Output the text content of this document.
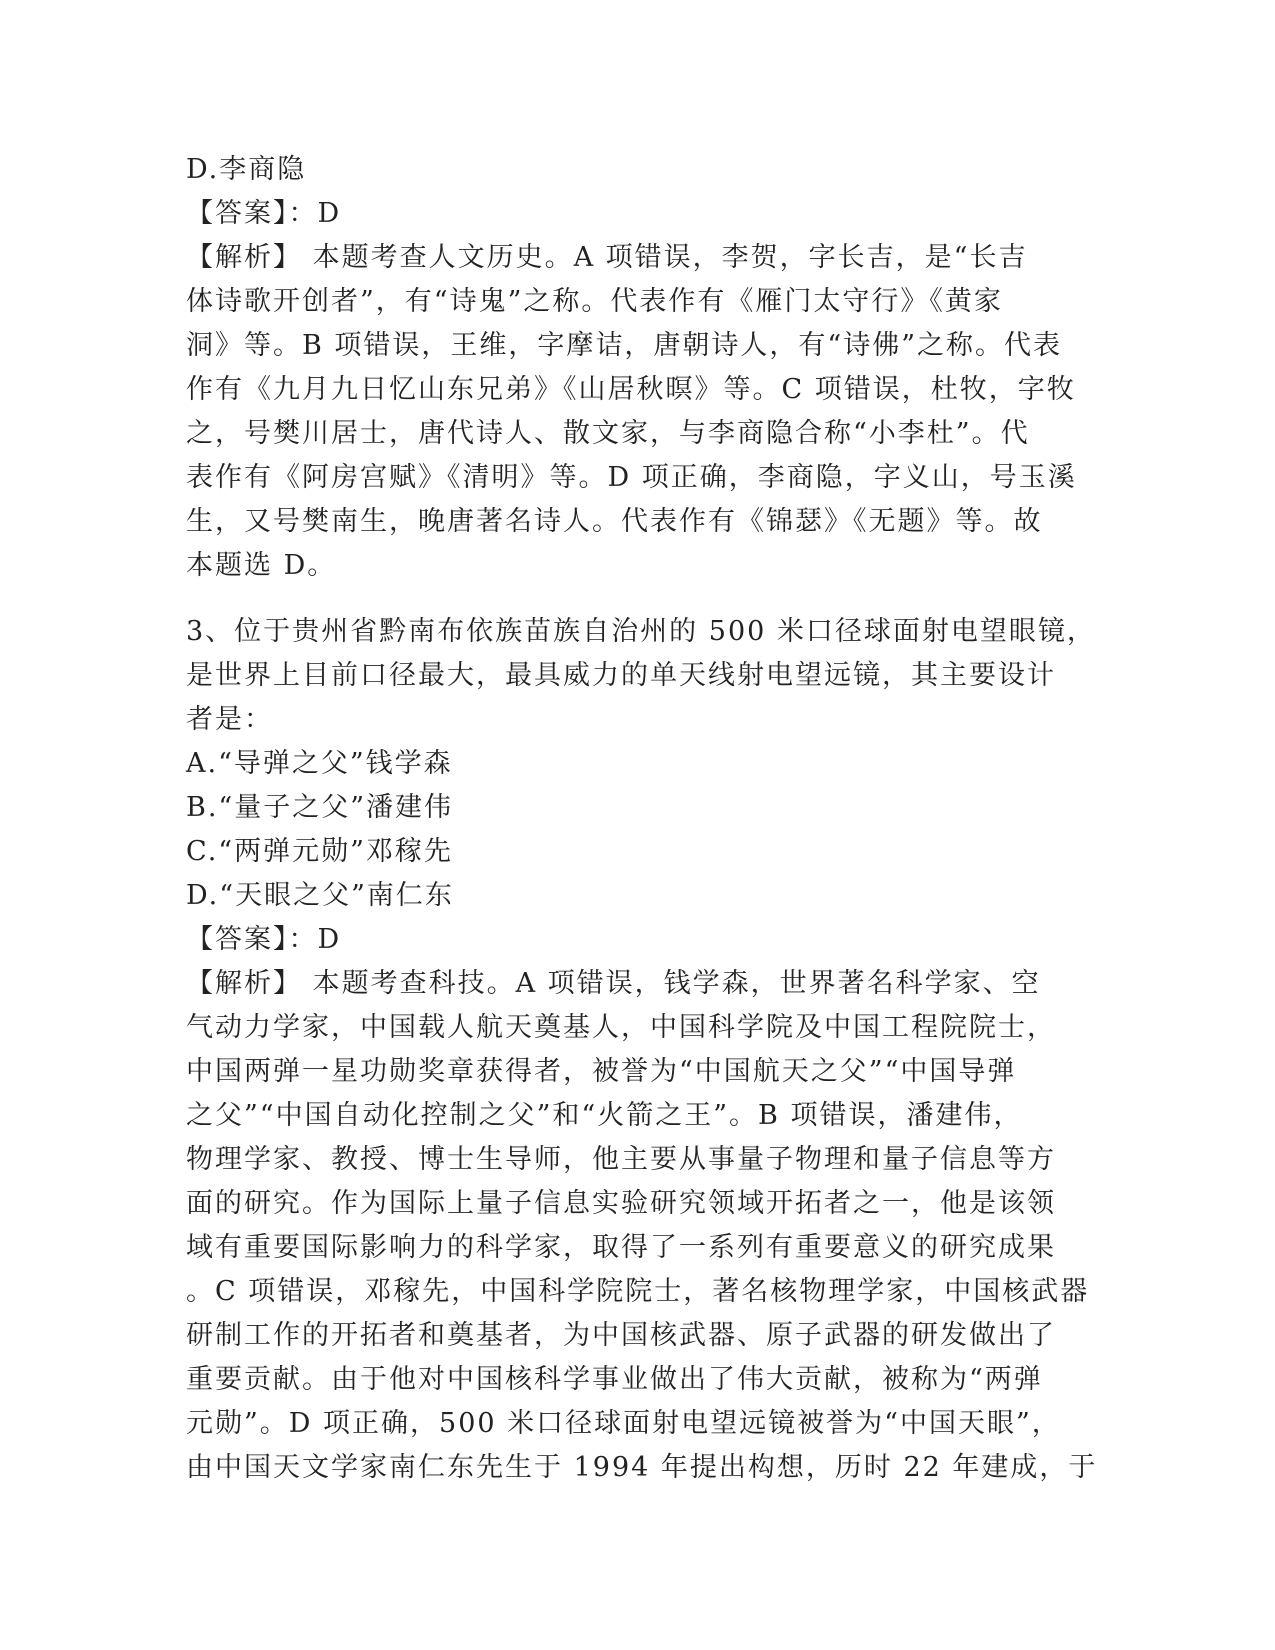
D.李商隐
【答案】：D
【解析】 本题考查人文历史。A 项错误，李贺，字长吉，是“长吉
体诗歌开创者”，有“诗鬼”之称。代表作有《雁门太守行》《黄家
洞》等。B 项错误，王维，字摩诘，唐朝诗人，有“诗佛”之称。代表
作有《九月九日忆山东兄弟》《山居秋暝》等。C 项错误，杜牧，字牧
之，号樊川居士，唐代诗人、散文家，与李商隐合称“小李杜”。代
表作有《阿房宫赋》《清明》等。D 项正确，李商隐，字义山，号玉溪
生，又号樊南生，晚唐著名诗人。代表作有《锦瑟》《无题》等。故
本题选 D。
3、位于贵州省黔南布依族苗族自治州的 500 米口径球面射电望眼镜，
是世界上目前口径最大，最具威力的单天线射电望远镜，其主要设计
者是：
A.“导弹之父”钱学森
B.“量子之父”潘建伟
C.“两弹元勋”邓稼先
D.“天眼之父”南仁东
【答案】：D
【解析】 本题考查科技。A 项错误，钱学森，世界著名科学家、空
气动力学家，中国载人航天奠基人，中国科学院及中国工程院院士，
中国两弹一星功勋奖章获得者，被誉为“中国航天之父”“中国导弹
之父”“中国自动化控制之父”和“火箭之王”。B 项错误，潘建伟，
物理学家、教授、博士生导师，他主要从事量子物理和量子信息等方
面的研究。作为国际上量子信息实验研究领域开拓者之一，他是该领
域有重要国际影响力的科学家，取得了一系列有重要意义的研究成果
。C 项错误，邓稼先，中国科学院院士，著名核物理学家，中国核武器
研制工作的开拓者和奠基者，为中国核武器、原子武器的研发做出了
重要贡献。由于他对中国核科学事业做出了伟大贡献，被称为“两弹
元勋”。D 项正确，500 米口径球面射电望远镜被誉为“中国天眼”，
由中国天文学家南仁东先生于 1994 年提出构想，历时 22 年建成，于
